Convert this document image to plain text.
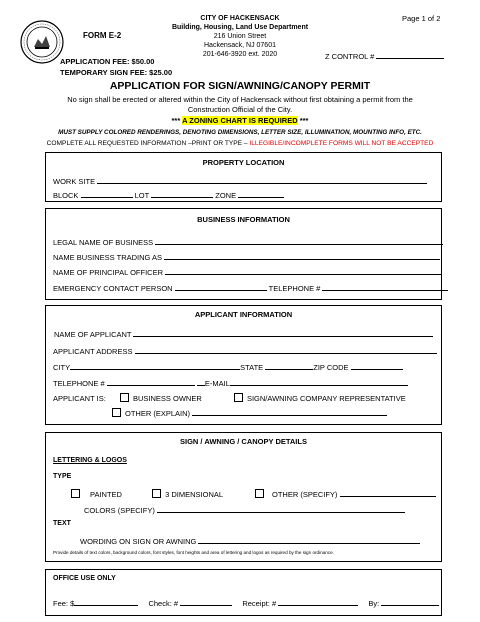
FORM E-2
APPLICATION FEE: $50.00
TEMPORARY SIGN FEE: $25.00
CITY OF HACKENSACK
Building, Housing, Land Use Department
216 Union Street
Hackensack, NJ 07601
201-646-3920 ext. 2020
Page 1 of 2
Z CONTROL #
APPLICATION FOR SIGN/AWNING/CANOPY PERMIT
No sign shall be erected or altered within the City of Hackensack without first obtaining a permit from the
Construction Official of the City.
*** A ZONING CHART IS REQUIRED ***
MUST SUPPLY COLORED RENDERINGS, DENOTING DIMENSIONS, LETTER SIZE, ILLUMINATION, MOUNTING INFO, ETC.
COMPLETE ALL REQUESTED INFORMATION –PRINT OR TYPE – ILLEGIBLE/INCOMPLETE FORMS WILL NOT BE ACCEPTED
PROPERTY LOCATION
WORK SITE
BLOCK	LOT	ZONE
BUSINESS INFORMATION
LEGAL NAME OF BUSINESS
NAME BUSINESS TRADING AS
NAME OF PRINCIPAL OFFICER
EMERGENCY CONTACT PERSON	TELEPHONE #
APPLICANT INFORMATION
NAME OF APPLICANT
APPLICANT ADDRESS
CITY	STATE	ZIP CODE
TELEPHONE #	E-MAIL
APPLICANT IS:	BUSINESS OWNER	SIGN/AWNING COMPANY REPRESENTATIVE
OTHER (EXPLAIN)
SIGN / AWNING / CANOPY DETAILS
LETTERING & LOGOS
TYPE
PAINTED	3 DIMENSIONAL	OTHER (SPECIFY)
COLORS (SPECIFY)
TEXT
WORDING ON SIGN OR AWNING
Provide details of text colors, background colors, font styles, font heights and area of lettering and logos as required by the sign ordinance.
OFFICE USE ONLY
Fee: $	Check: #	Receipt: #	By:
